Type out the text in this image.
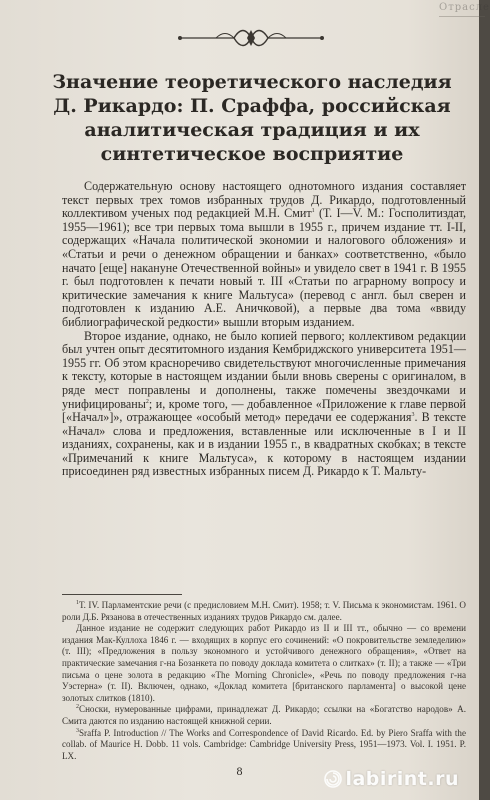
Отрасле
Значение теоретического наследия
Д. Рикардо: П. Сраффа, российская
аналитическая традиция и их
синтетическое восприятие

Содержательную основу настоящего однотомного издания составляет текст первых трех томов избранных трудов Д. Рикардо, подготовленный коллективом ученых под редакцией М.Н. Смит$^1$ (Т. I—V. М.: Госполитиздат, 1955—1961); все три первых тома вышли в 1955 г., причем издание тт. I-II, содержащих «Начала политической экономии и налогового обложения» и «Статьи и речи о денежном обращении и банках» соответственно, «было начато [еще] накануне Отечественной войны» и увидело свет в 1941 г. В 1955 г. был подготовлен к печати новый т. III «Статьи по аграрному вопросу и критические замечания к книге Мальтуса» (перевод с англ. был сверен и подготовлен к изданию А.Е. Аничковой), а первые два тома «ввиду библиографической редкости» вышли вторым изданием.

Второе издание, однако, не было копией первого; коллективом редакции был учтен опыт десятитомного издания Кембриджского университета 1951—1955 гг. Об этом красноречиво свидетельствуют многочисленные примечания к тексту, которые в настоящем издании были вновь сверены с оригиналом, в ряде мест поправлены и дополнены, также помечены звездочками и унифицированы$^2$; и, кроме того, — добавленное «Приложение к главе первой [«Начал»]», отражающее «особый метод» передачи ее содержания$^3$. В тексте «Начал» слова и предложения, вставленные или исключенные в I и II изданиях, сохранены, как и в издании 1955 г., в квадратных скобках; в тексте «Примечаний к книге Мальтуса», к которому в настоящем издании присоединен ряд известных избранных писем Д. Рикардо к Т. Мальту-

$^1$Т. IV. Парламентские речи (с предисловием М.Н. Смит). 1958; т. V. Письма к экономистам. 1961. О роли Д.Б. Рязанова в отечественных изданиях трудов Рикардо см. далее.

Данное издание не содержит следующих работ Рикардо из II и III тт., обычно — со времени издания Мак-Куллоха 1846 г. — входящих в корпус его сочинений: «О покровительстве земледелию» (т. III); «Предложения в пользу экономного и устойчивого денежного обращения», «Ответ на практические замечания г-на Бозанкета по поводу доклада комитета о слитках» (т. II); а также — «Три письма о цене золота в редакцию «The Morning Chronicle», «Речь по поводу предложения г-на Уэстерна» (т. II). Включен, однако, «Доклад комитета [британского парламента] о высокой цене золотых слитков (1810).

$^2$Сноски, нумерованные цифрами, принадлежат Д. Рикардо; ссылки на «Богатство народов» А. Смита даются по изданию настоящей книжной серии.

$^3$Sraffa P. Introduction // The Works and Correspondence of David Ricardo. Ed. by Piero Sraffa with the collab. of Maurice H. Dobb. 11 vols. Cambridge: Cambridge University Press, 1951—1973. Vol. I. 1951. P. LX.

8	labirint.ru
